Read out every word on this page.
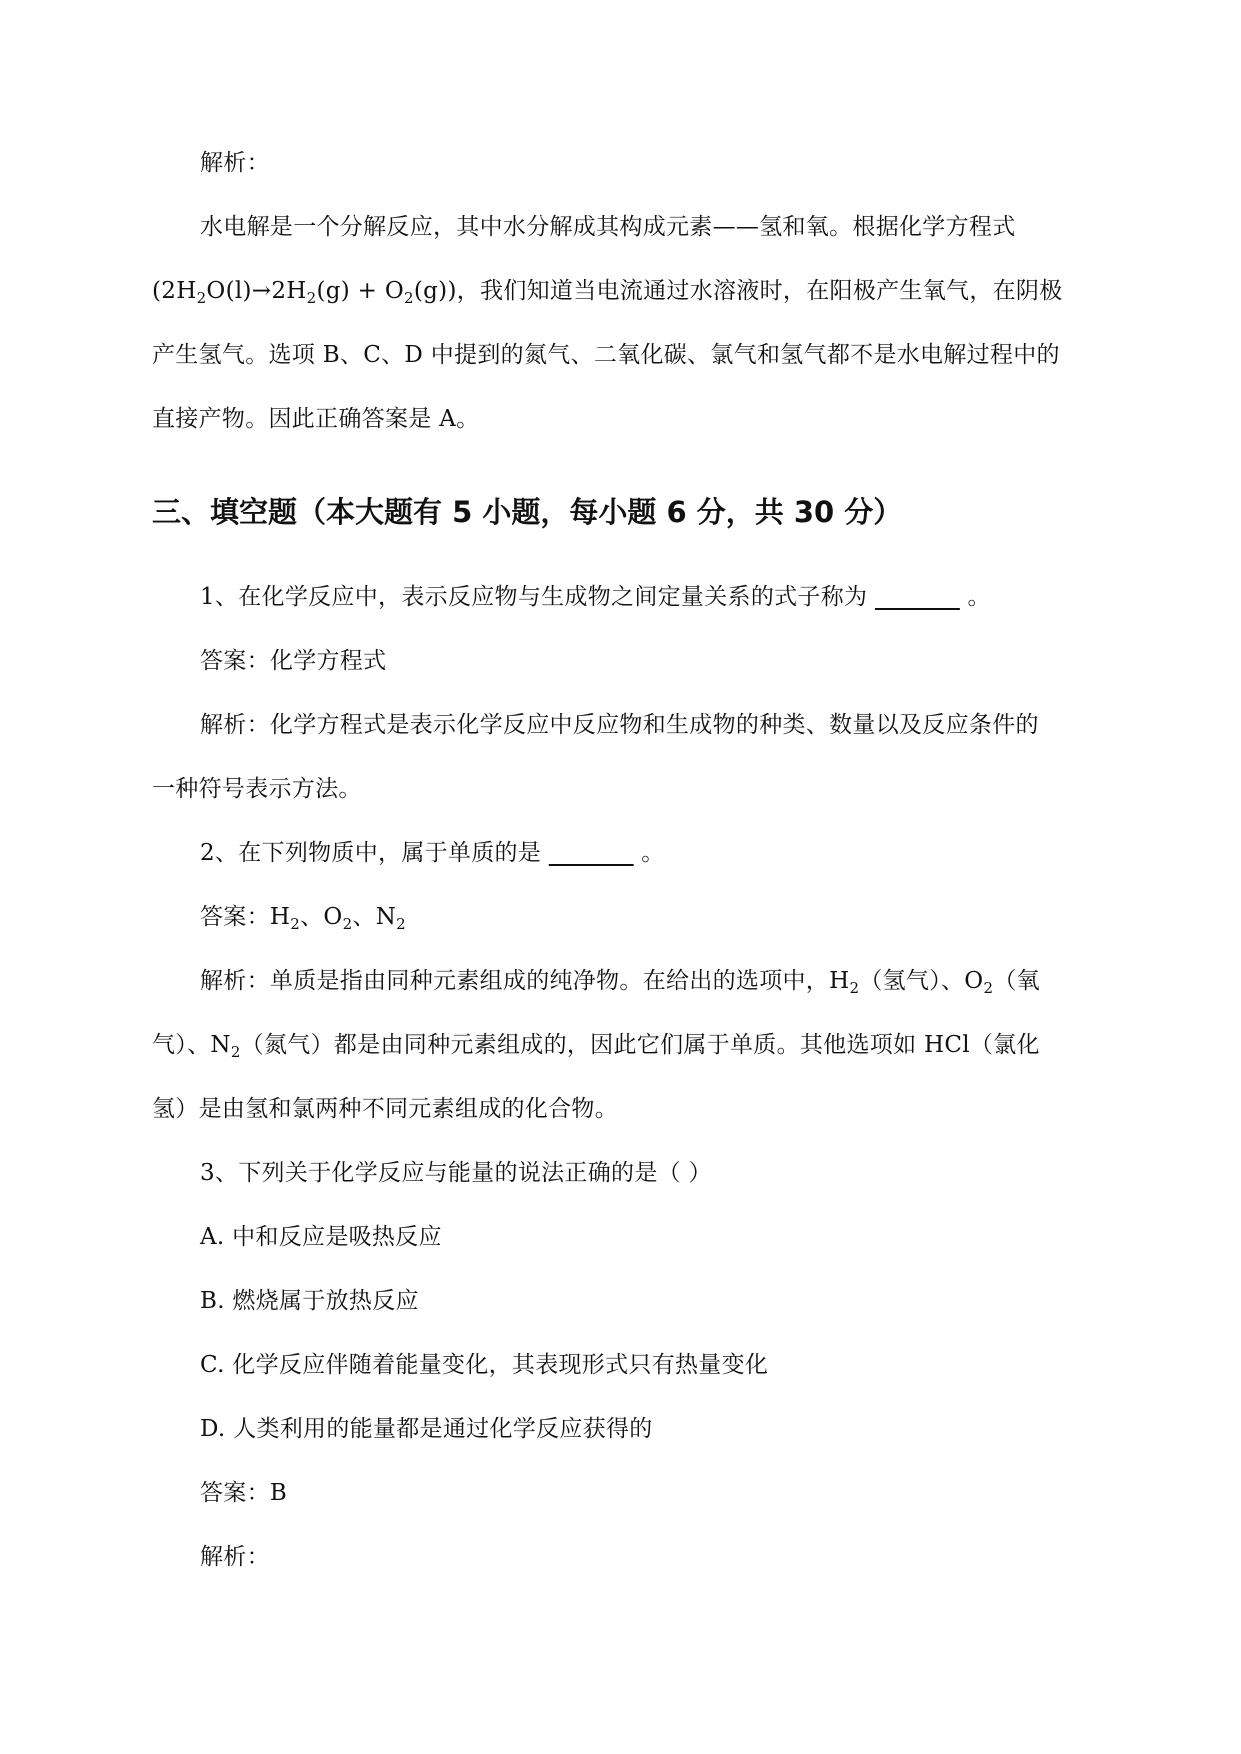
解析：
水电解是一个分解反应，其中水分解成其构成元素——氢和氧。根据化学方程式
$(2H_2O(l)\to 2H_2(g) + O_2(g))$，我们知道当电流通过水溶液时，在阳极产生氧气，在阴极
产生氢气。选项 B、C、D 中提到的氮气、二氧化碳、氯气和氢气都不是水电解过程中的
直接产物。因此正确答案是 A。
三、填空题（本大题有 5 小题，每小题 6 分，共 30 分）
1、在化学反应中，表示反应物与生成物之间定量关系的式子称为 ______ 。
答案：化学方程式
解析：化学方程式是表示化学反应中反应物和生成物的种类、数量以及反应条件的
一种符号表示方法。
2、在下列物质中，属于单质的是 ______ 。
答案：$H_2$、$O_2$、$N_2$
解析：单质是指由同种元素组成的纯净物。在给出的选项中，$H_2$（氢气）、$O_2$（氧
气）、$N_2$（氮气）都是由同种元素组成的，因此它们属于单质。其他选项如 HCl（氯化
氢）是由氢和氯两种不同元素组成的化合物。
3、下列关于化学反应与能量的说法正确的是（ ）
A. 中和反应是吸热反应
B. 燃烧属于放热反应
C. 化学反应伴随着能量变化，其表现形式只有热量变化
D. 人类利用的能量都是通过化学反应获得的
答案：B
解析：
